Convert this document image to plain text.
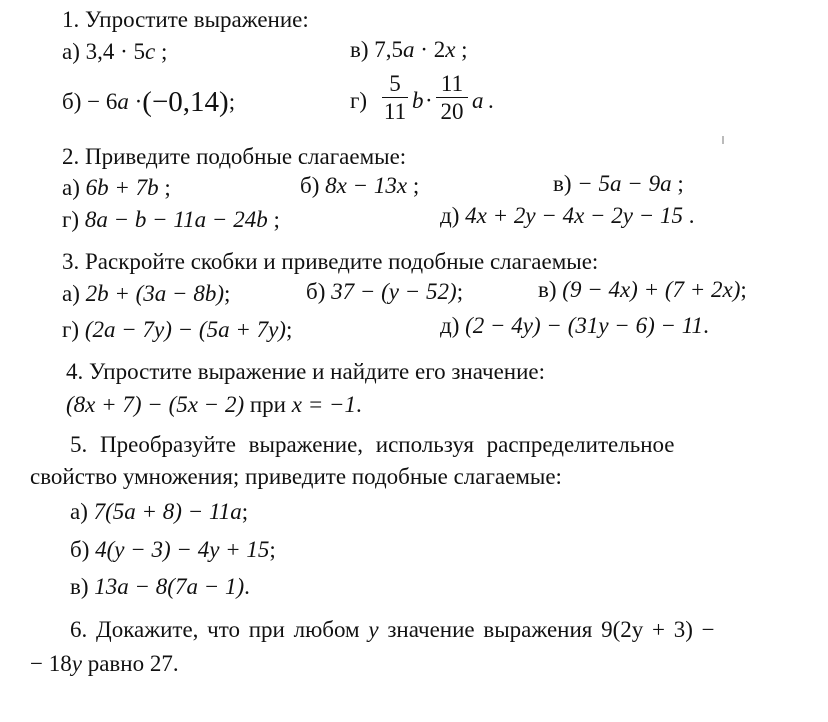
1. Упростите выражение:
а) 3,4 · 5c ;	в) 7,5a · 2x ;
б) − 6a ·(−0,14);	г)
5
11 b ·
11
20 a .
2. Приведите подобные слагаемые:
а) 6b + 7b ;	б) 8x − 13x ;	в) − 5a − 9a ;
г) 8a − b − 11a − 24b ;	д) 4x + 2y − 4x − 2y − 15 .
3. Раскройте скобки и приведите подобные слагаемые:
а) 2b + (3a − 8b);	б) 37 − (y − 52);	в) (9 − 4x) + (7 + 2x);
г) (2a − 7y) − (5a + 7y);	д) (2 − 4y) − (31y − 6) − 11.
4. Упростите выражение и найдите его значение:
(8x + 7) − (5x − 2) при x = −1.
5. Преобразуйте выражение, используя распределительное
свойство умножения; приведите подобные слагаемые:
а) 7(5a + 8) − 11a;
б) 4(y − 3) − 4y + 15;
в) 13a − 8(7a − 1).
6. Докажите, что при любом y значение выражения 9(2y + 3) −
− 18y равно 27.
